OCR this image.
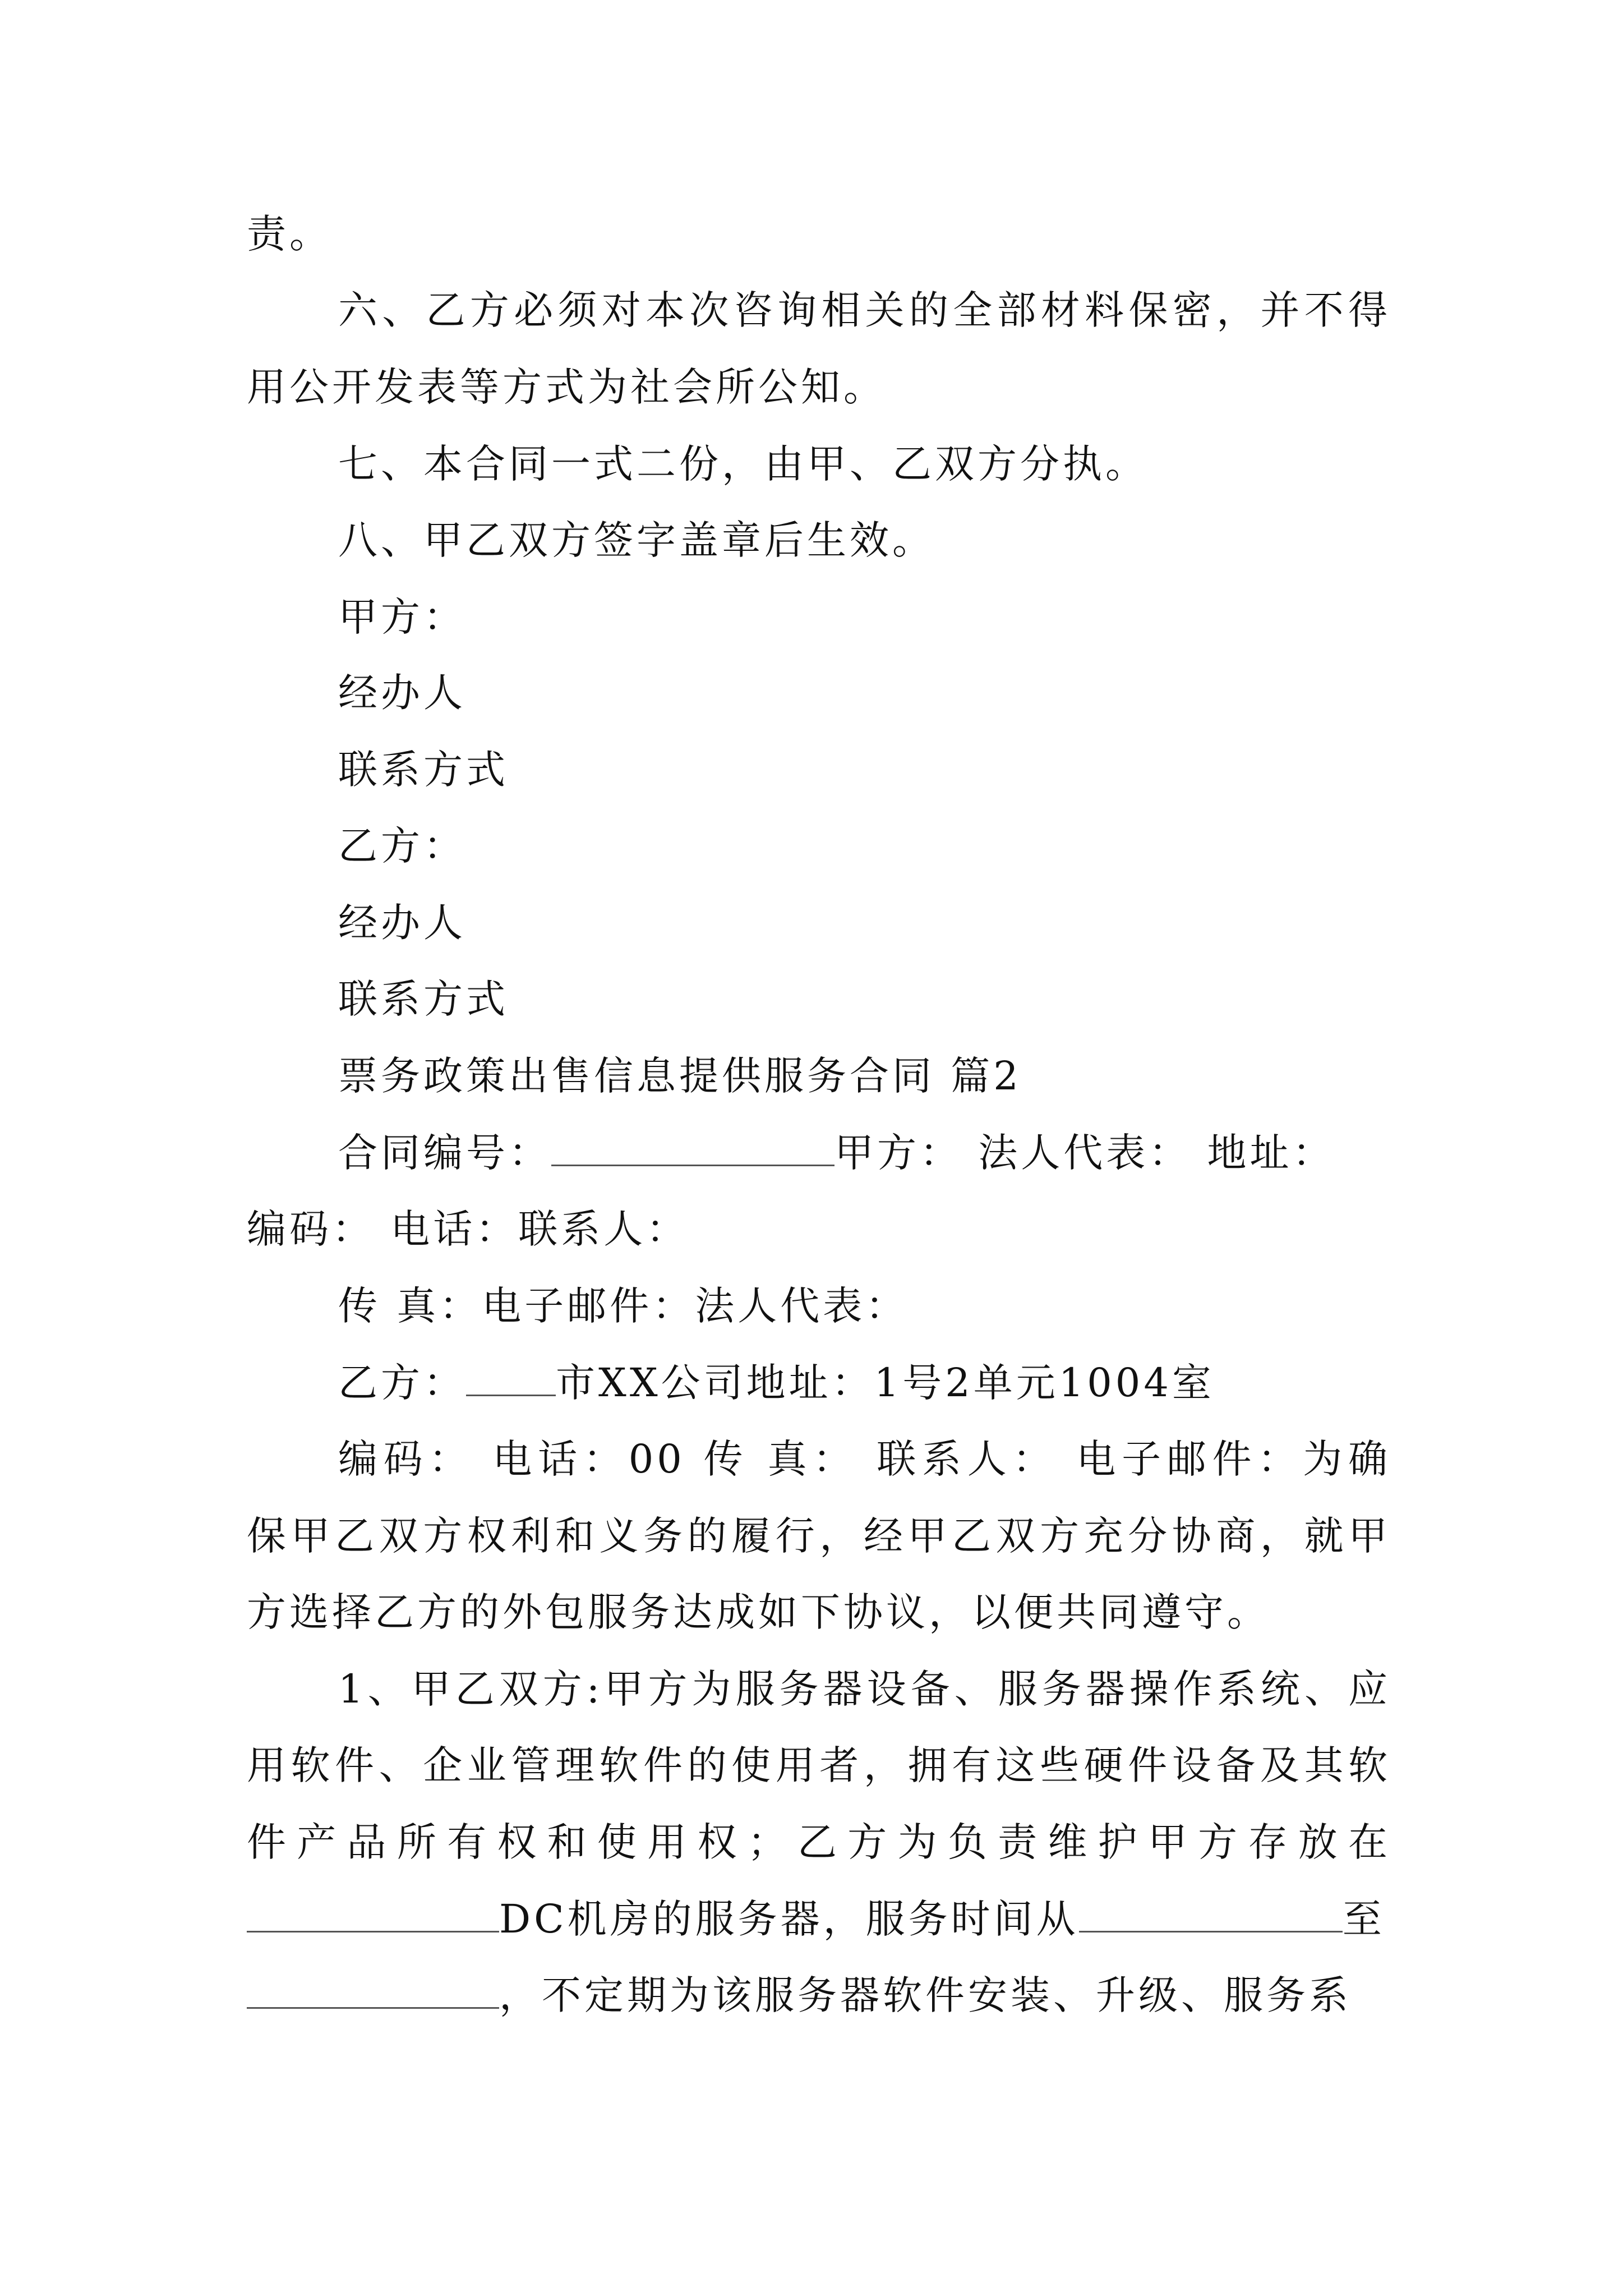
责。
六、乙方必须对本次咨询相关的全部材料保密，并不得
用公开发表等方式为社会所公知。
七、本合同一式二份，由甲、乙双方分执。
八、甲乙双方签字盖章后生效。
甲方：
经办人
联系方式
乙方：
经办人
联系方式
票务政策出售信息提供服务合同 篇2
合同编号：	甲方： 法人代表： 地址：
编码： 电话：联系人：
传 真：电子邮件：法人代表：
乙方： 市XX公司地址：1号2单元1004室
编码： 电话：00 传 真： 联系人： 电子邮件：为确
保甲乙双方权利和义务的履行，经甲乙双方充分协商，就甲
方选择乙方的外包服务达成如下协议，以便共同遵守。
1、甲乙双方:甲方为服务器设备、服务器操作系统、应
用软件、企业管理软件的使用者，拥有这些硬件设备及其软
件产品所有权和使用权；乙方为负责维护甲方存放在
DC机房的服务器，服务时间从	至
，不定期为该服务器软件安装、升级、服务系
